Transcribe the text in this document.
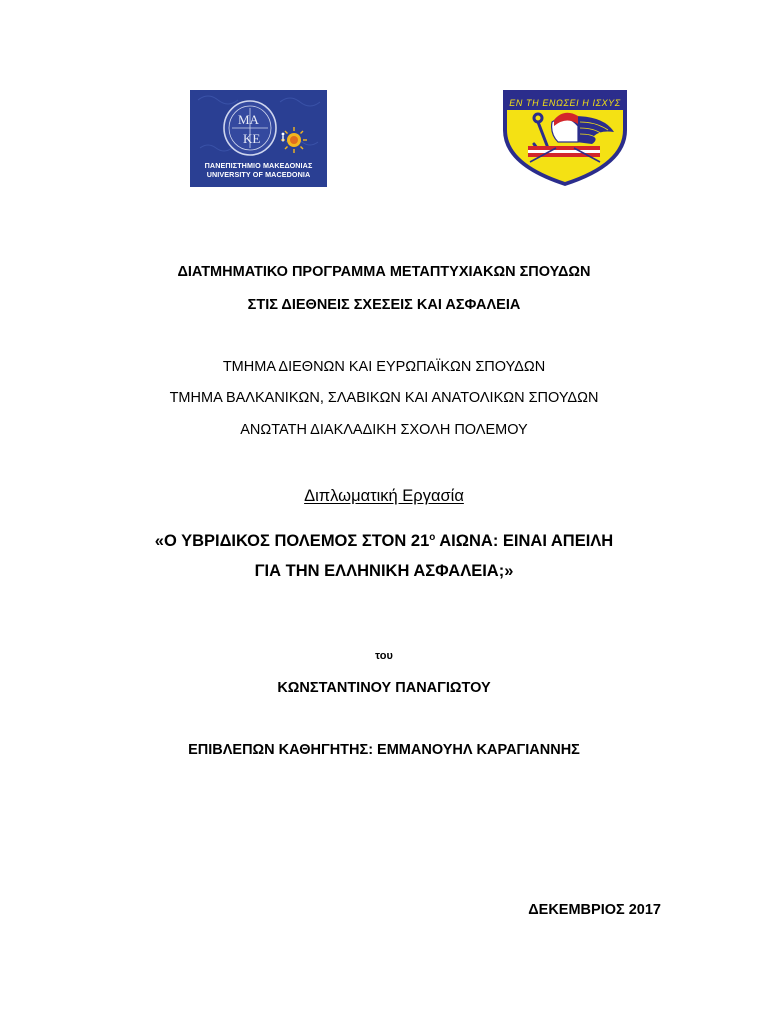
ΜΑ
ΚΕ
ΠΑΝΕΠΙΣΤΗΜΙΟ ΜΑΚΕΔΟΝΙΑΣ
UNIVERSITY OF MACEDONIA
ΕΝ ΤΗ ΕΝΩΣΕΙ Η ΙΣΧΥΣ
ΔΙΑΤΜΗΜΑΤΙΚΟ ΠΡΟΓΡΑΜΜΑ ΜΕΤΑΠΤΥΧΙΑΚΩΝ ΣΠΟΥΔΩΝ
ΣΤΙΣ ΔΙΕΘΝΕΙΣ ΣΧΕΣΕΙΣ ΚΑΙ ΑΣΦΑΛΕΙΑ
ΤΜΗΜΑ ΔΙΕΘΝΩΝ ΚΑΙ ΕΥΡΩΠΑΪΚΩΝ ΣΠΟΥΔΩΝ
ΤΜΗΜΑ ΒΑΛΚΑΝΙΚΩΝ, ΣΛΑΒΙΚΩΝ ΚΑΙ ΑΝΑΤΟΛΙΚΩΝ ΣΠΟΥΔΩΝ
ΑΝΩΤΑΤΗ ΔΙΑΚΛΑΔΙΚΗ ΣΧΟΛΗ ΠΟΛΕΜΟΥ
Διπλωματική Εργασία
«Ο ΥΒΡΙΔΙΚΟΣ ΠΟΛΕΜΟΣ ΣΤΟΝ $21^o$ ΑΙΩΝΑ: ΕΙΝΑΙ ΑΠΕΙΛΗ
ΓΙΑ ΤΗΝ ΕΛΛΗΝΙΚΗ ΑΣΦΑΛΕΙΑ;»
του
ΚΩΝΣΤΑΝΤΙΝΟΥ ΠΑΝΑΓΙΩΤΟΥ
ΕΠΙΒΛΕΠΩΝ ΚΑΘΗΓΗΤΗΣ: ΕΜΜΑΝΟΥΗΛ ΚΑΡΑΓΙΑΝΝΗΣ
ΔΕΚΕΜΒΡΙΟΣ 2017
